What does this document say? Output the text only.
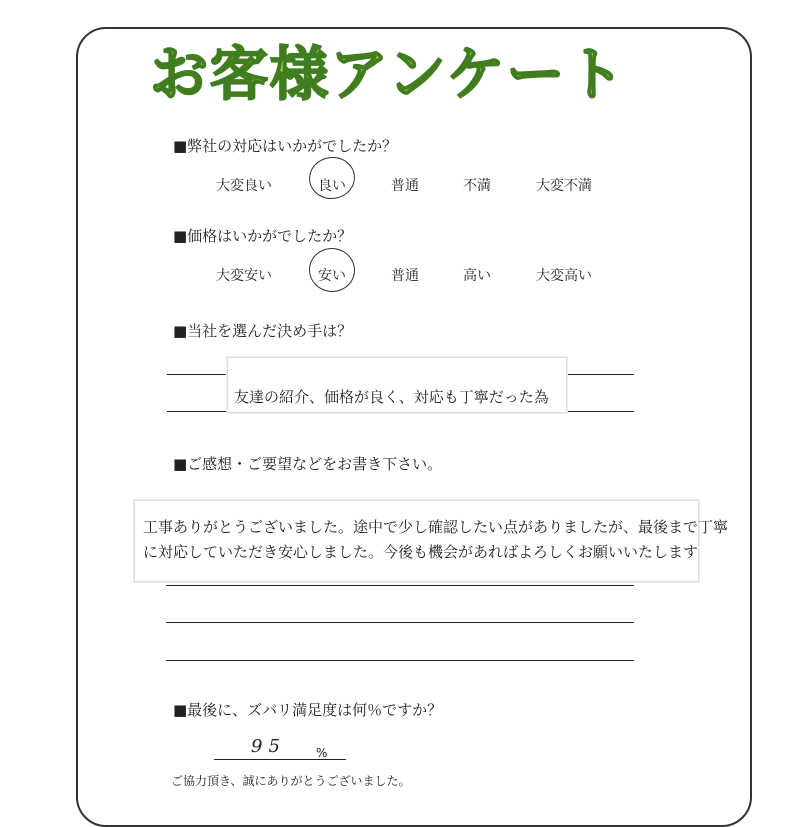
お客様アンケート
■弊社の対応はいかがでしたか？
大変良い	良い	普通	不満	大変不満
■価格はいかがでしたか？
大変安い	安い	普通	高い	大変高い
■当社を選んだ決め手は？
友達の紹介、価格が良く、対応も丁寧だった為
■ご感想・ご要望などをお書き下さい。
工事ありがとうございました。途中で少し確認したい点がありましたが、最後まで丁寧
に対応していただき安心しました。今後も機会があればよろしくお願いいたします
■最後に、ズバリ満足度は何％ですか？
95	%
ご協力頂き、誠にありがとうございました。
